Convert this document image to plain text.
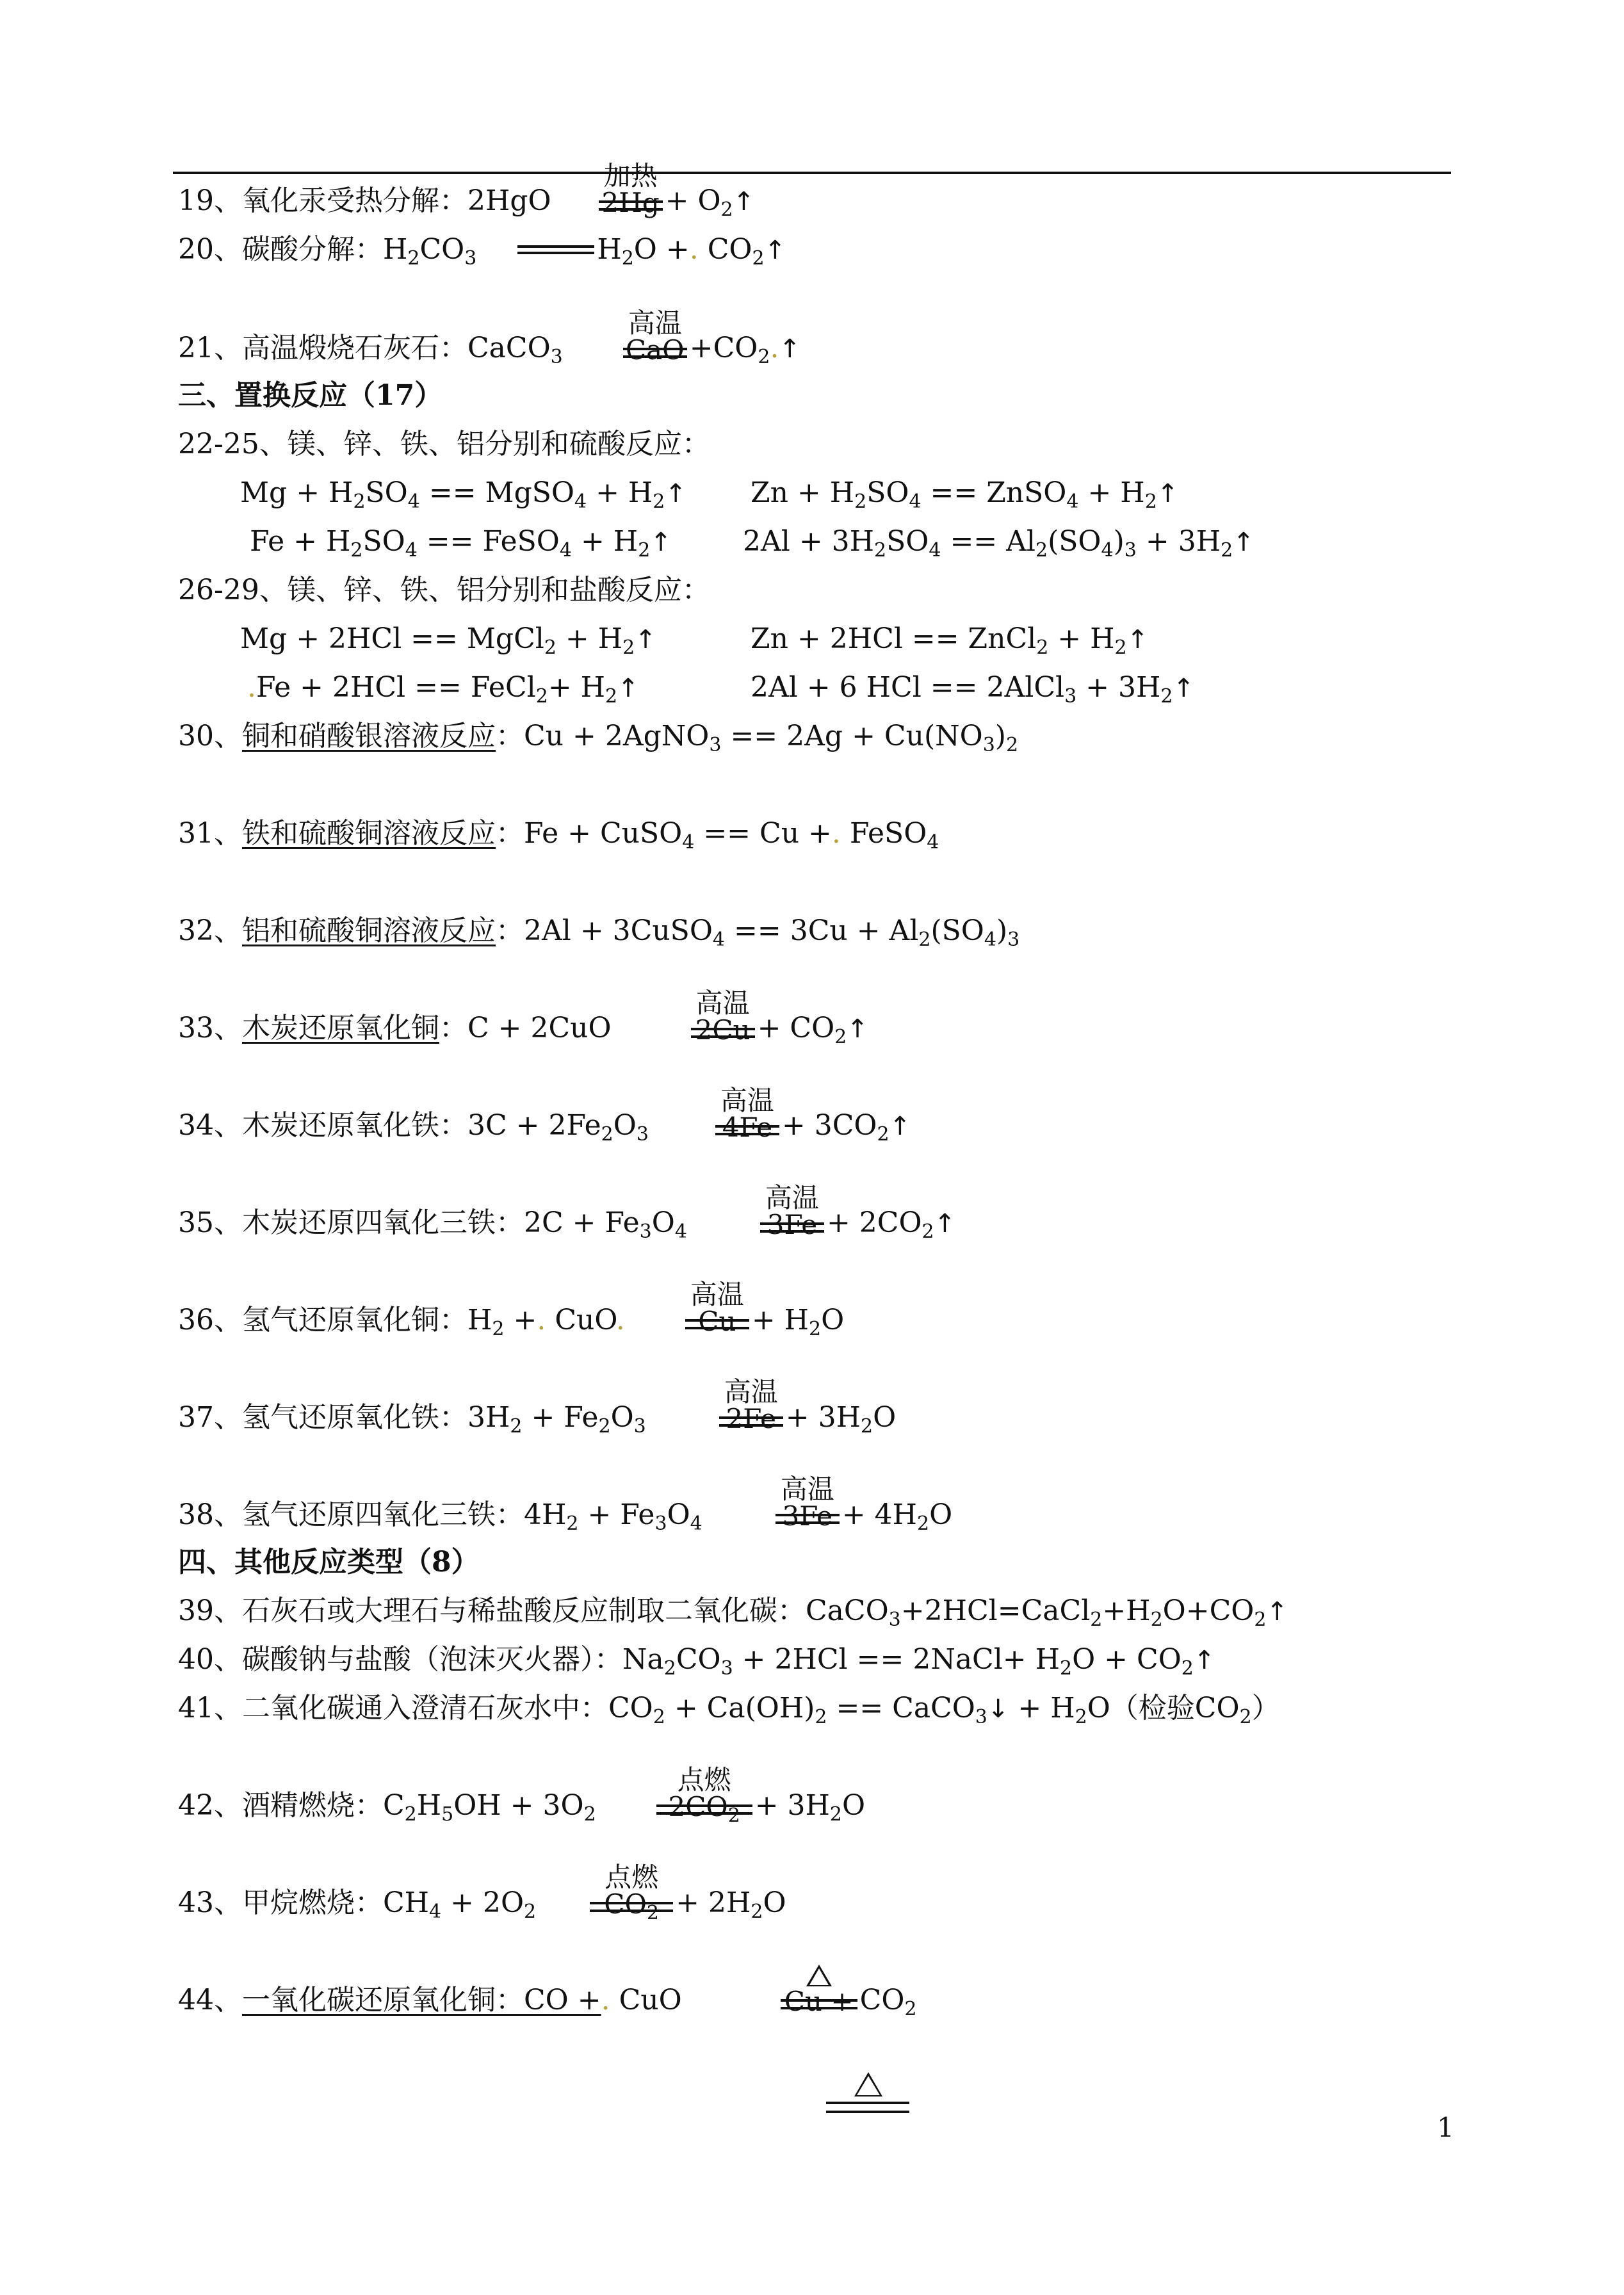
19、氧化汞受热分解：2HgO
加热
$2Hg + O_2↑$
20、碳酸分解：$H_2CO_3$	$H_2O$ +. $CO_2↑$
21、高温煅烧石灰石：CaCO$_3$
高温
CaO $+CO_2.↑$
三、置换反应（17）
22-25、镁、锌、铁、铝分别和硫酸反应：
$Mg + H_2SO_4$ == MgSO$_4$ + $H_2↑$ $Zn + H_2SO_4$ == ZnSO$_4$ + $H_2↑$
$Fe + H_2SO_4$ == FeSO$_4$ + $H_2↑$	$2Al + 3H_2SO_4 == Al_2(SO_4)_3$ + $3H_2↑$
26-29、镁、锌、铁、铝分别和盐酸反应：
Mg + 2HCl == MgCl$_2$ + $H_2↑$	Zn + 2HCl == ZnCl$_2$ + $H_2↑$
.Fe + 2HCl == FeCl$_2$+ $H_2↑$	2Al + 6 HCl == 2AlCl$_3$ + $3H_2↑$
30、铜和硝酸银溶液反应：Cu + 2AgNO$_3$ == $2Ag + Cu(NO_3)_2$
31、铁和硫酸铜溶液反应：Fe + CuSO$_4$ == Cu +. FeSO$_4$
32、铝和硫酸铜溶液反应：2Al + 3CuSO$_4$ == $3Cu + Al_2(SO_4)_3$
33、木炭还原氧化铜：C + 2CuO
高温
$2Cu + CO_2↑$
34、木炭还原氧化铁：$3C + 2Fe_2O_3$
高温
$4Fe + 3CO_2↑$
35、木炭还原四氧化三铁：$2C + Fe_3O_4$
高温
$3Fe + 2CO_2↑$
36、氢气还原氧化铜：$H_2$ +. CuO.
高温
$Cu + H_2O$
37、氢气还原氧化铁：$3H_2 + Fe_2O_3$
高温
$2Fe + 3H_2O$
38、氢气还原四氧化三铁：$4H_2 + Fe_3O_4$
高温
$3Fe + 4H_2O$
四、其他反应类型（8）
39、石灰石或大理石与稀盐酸反应制取二氧化碳：$CaCO_3+2HCl=CaCl_2+H_2O+CO_2↑$
40、碳酸钠与盐酸（泡沫灭火器）：$Na_2CO_3 + 2HCl$ == 2NaCl+ $H_2O$ + $CO_2↑$
41、二氧化碳通入澄清石灰水中：$CO_2 + Ca(OH)_2$ == CaCO$_3$↓ + $H_2O$（检验$CO_2$）
42、酒精燃烧：$C_2H_5OH + 3O_2$
点燃
$2CO_2 + 3H_2O$
43、甲烷燃烧：$CH_4 + 2O_2$
点燃
$CO_2 + 2H_2O$
44、一氧化碳还原氧化铜：CO +. CuO	$Cu + CO_2$
1
